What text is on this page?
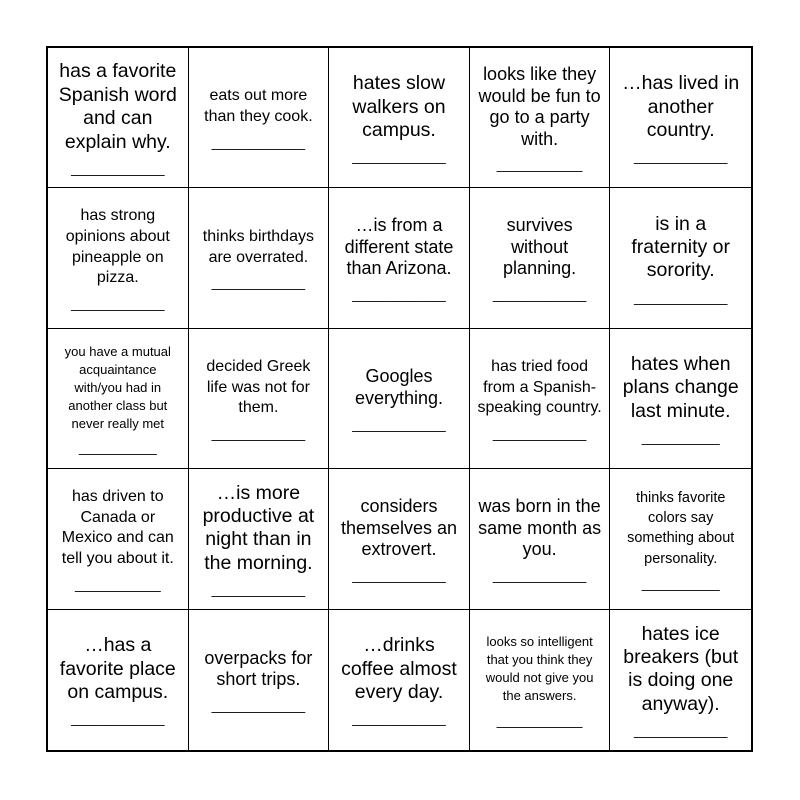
has a favorite Spanish word and can explain why.
____________
eats out more than they cook.
____________
hates slow walkers on campus.
____________
looks like they would be fun to go to a party with.
___________
…has lived in another country.
____________
has strong opinions about pineapple on pizza.
____________
thinks birthdays are overrated.
____________
…is from a different state than Arizona.
____________
survives without planning.
____________
is in a fraternity or sorority.
____________
you have a mutual acquaintance with/you had in another class but never really met
__________
decided Greek life was not for them.
____________
Googles everything.
____________
has tried food from a Spanish-speaking country.
____________
hates when plans change last minute.
__________
has driven to Canada or Mexico and can tell you about it.
___________
…is more productive at night than in the morning.
____________
considers themselves an extrovert.
____________
was born in the same month as you.
____________
thinks favorite colors say something about personality.
__________
…has a favorite place on campus.
____________
overpacks for short trips.
____________
…drinks coffee almost every day.
____________
looks so intelligent that you think they would not give you the answers.
___________
hates ice breakers (but is doing one anyway).
____________
